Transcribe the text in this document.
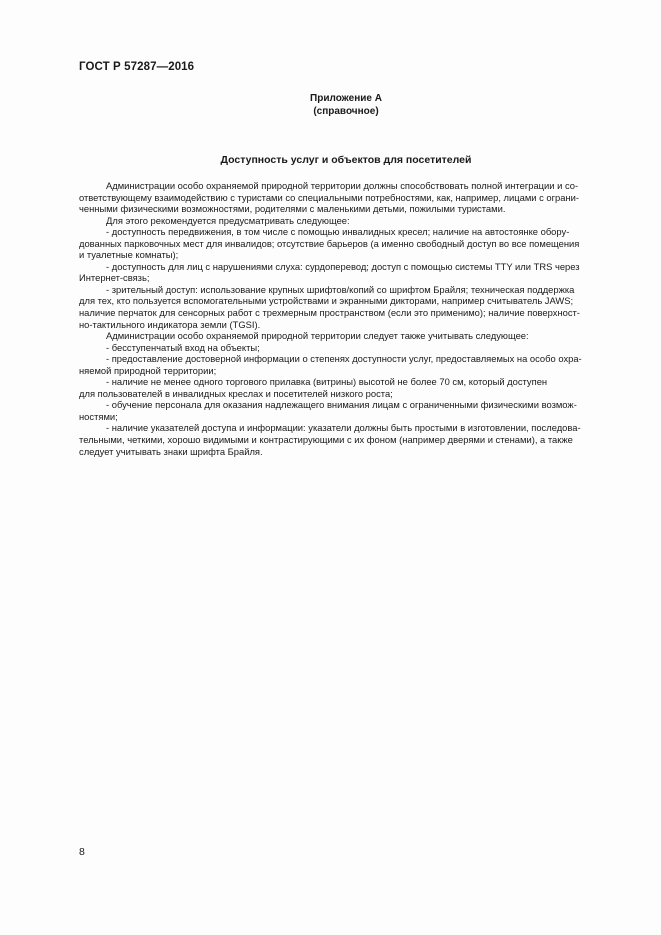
ГОСТ Р 57287—2016
Приложение А
(справочное)
Доступность услуг и объектов для посетителей
Администрации особо охраняемой природной территории должны способствовать полной интеграции и со-
ответствующему взаимодействию с туристами со специальными потребностями, как, например, лицами с ограни-
ченными физическими возможностями, родителями с маленькими детьми, пожилыми туристами.
Для этого рекомендуется предусматривать следующее:
- доступность передвижения, в том числе с помощью инвалидных кресел; наличие на автостоянке обору-
дованных парковочных мест для инвалидов; отсутствие барьеров (а именно свободный доступ во все помещения
и туалетные комнаты);
- доступность для лиц с нарушениями слуха: сурдоперевод; доступ с помощью системы TTY или TRS через
Интернет-связь;
- зрительный доступ: использование крупных шрифтов/копий со шрифтом Брайля; техническая поддержка
для тех, кто пользуется вспомогательными устройствами и экранными дикторами, например считыватель JAWS;
наличие перчаток для сенсорных работ с трехмерным пространством (если это применимо); наличие поверхност-
но-тактильного индикатора земли (TGSI).
Администрации особо охраняемой природной территории следует также учитывать следующее:
- бесступенчатый вход на объекты;
- предоставление достоверной информации о степенях доступности услуг, предоставляемых на особо охра-
няемой природной территории;
- наличие не менее одного торгового прилавка (витрины) высотой не более 70 см, который доступен
для пользователей в инвалидных креслах и посетителей низкого роста;
- обучение персонала для оказания надлежащего внимания лицам с ограниченными физическими возмож-
ностями;
- наличие указателей доступа и информации: указатели должны быть простыми в изготовлении, последова-
тельными, четкими, хорошо видимыми и контрастирующими с их фоном (например дверями и стенами), а также
следует учитывать знаки шрифта Брайля.
8
